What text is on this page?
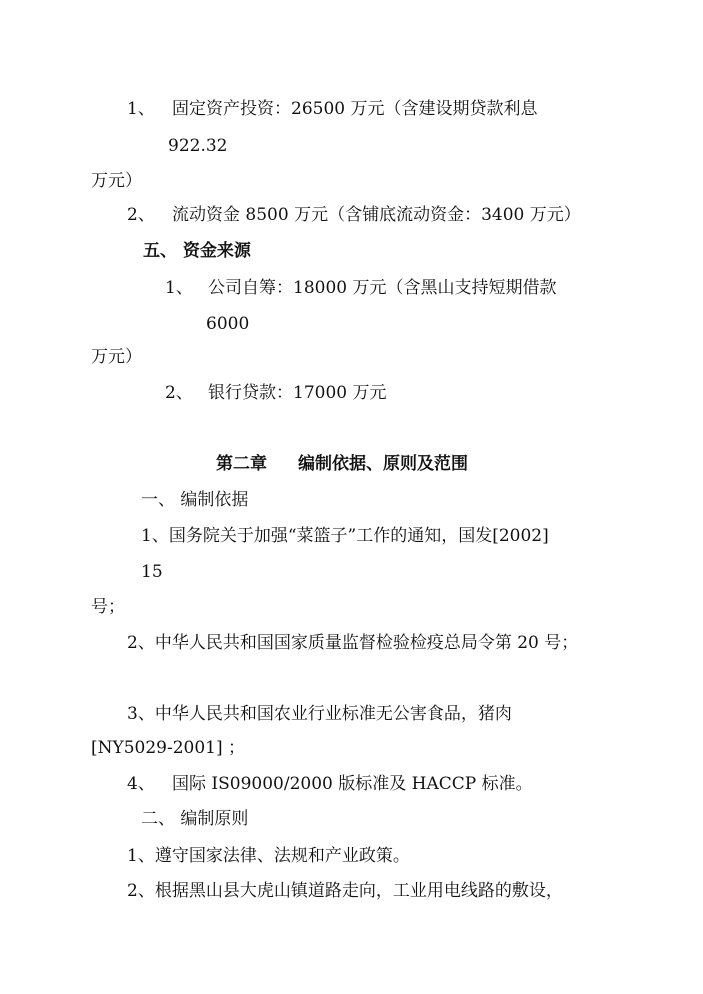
1、 固定资产投资：26500 万元（含建设期贷款利息
922.32
万元）
2、 流动资金 8500 万元（含铺底流动资金：3400 万元）
五、 资金来源
1、 公司自筹：18000 万元（含黑山支持短期借款
6000
万元）
2、 银行贷款：17000 万元
第二章 编制依据、原则及范围
一、 编制依据
1、国务院关于加强“菜篮子”工作的通知，国发[2002]
15
号；
2、中华人民共和国国家质量监督检验检疫总局令第 20 号；
3、中华人民共和国农业行业标准无公害食品，猪肉
[NY5029-2001] ；
4、 国际 IS09000/2000 版标准及 HACCP 标准。
二、 编制原则
1、遵守国家法律、法规和产业政策。
2、根据黑山县大虎山镇道路走向，工业用电线路的敷设，
